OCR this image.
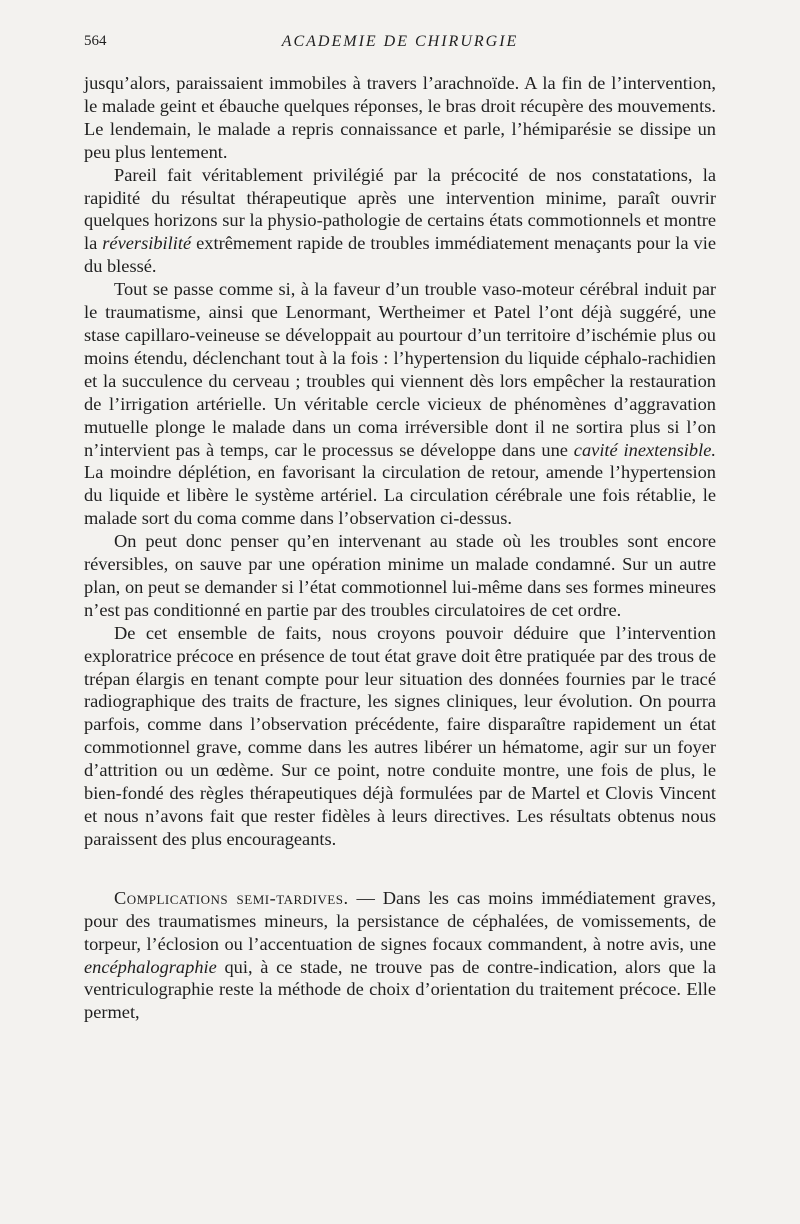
564	ACADEMIE DE CHIRURGIE

jusqu’alors, paraissaient immobiles à travers l’arachnoïde. A la fin de l’intervention, le malade geint et ébauche quelques réponses, le bras droit récupère des mouvements. Le lendemain, le malade a repris connaissance et parle, l’hémiparésie se dissipe un peu plus lentement.

Pareil fait véritablement privilégié par la précocité de nos constatations, la rapidité du résultat thérapeutique après une intervention minime, paraît ouvrir quelques horizons sur la physio-pathologie de certains états commotionnels et montre la réversibilité extrêmement rapide de troubles immédiatement menaçants pour la vie du blessé.

Tout se passe comme si, à la faveur d’un trouble vaso-moteur cérébral induit par le traumatisme, ainsi que Lenormant, Wertheimer et Patel l’ont déjà suggéré, une stase capillaro-veineuse se développait au pourtour d’un territoire d’ischémie plus ou moins étendu, déclenchant tout à la fois : l’hypertension du liquide céphalo-rachidien et la succulence du cerveau ; troubles qui viennent dès lors empêcher la restauration de l’irrigation artérielle. Un véritable cercle vicieux de phénomènes d’aggravation mutuelle plonge le malade dans un coma irréversible dont il ne sortira plus si l’on n’intervient pas à temps, car le processus se développe dans une cavité inextensible. La moindre déplétion, en favorisant la circulation de retour, amende l’hypertension du liquide et libère le système artériel. La circulation cérébrale une fois rétablie, le malade sort du coma comme dans l’observation ci-dessus.

On peut donc penser qu’en intervenant au stade où les troubles sont encore réversibles, on sauve par une opération minime un malade condamné. Sur un autre plan, on peut se demander si l’état commotionnel lui-même dans ses formes mineures n’est pas conditionné en partie par des troubles circulatoires de cet ordre.

De cet ensemble de faits, nous croyons pouvoir déduire que l’intervention exploratrice précoce en présence de tout état grave doit être pratiquée par des trous de trépan élargis en tenant compte pour leur situation des données fournies par le tracé radiographique des traits de fracture, les signes cliniques, leur évolution. On pourra parfois, comme dans l’observation précédente, faire disparaître rapidement un état commotionnel grave, comme dans les autres libérer un hématome, agir sur un foyer d’attrition ou un œdème. Sur ce point, notre conduite montre, une fois de plus, le bien-fondé des règles thérapeutiques déjà formulées par de Martel et Clovis Vincent et nous n’avons fait que rester fidèles à leurs directives. Les résultats obtenus nous paraissent des plus encourageants.

Complications semi-tardives. — Dans les cas moins immédiatement graves, pour des traumatismes mineurs, la persistance de céphalées, de vomissements, de torpeur, l’éclosion ou l’accentuation de signes focaux commandent, à notre avis, une encéphalographie qui, à ce stade, ne trouve pas de contre-indication, alors que la ventriculographie reste la méthode de choix d’orientation du traitement précoce. Elle permet,
